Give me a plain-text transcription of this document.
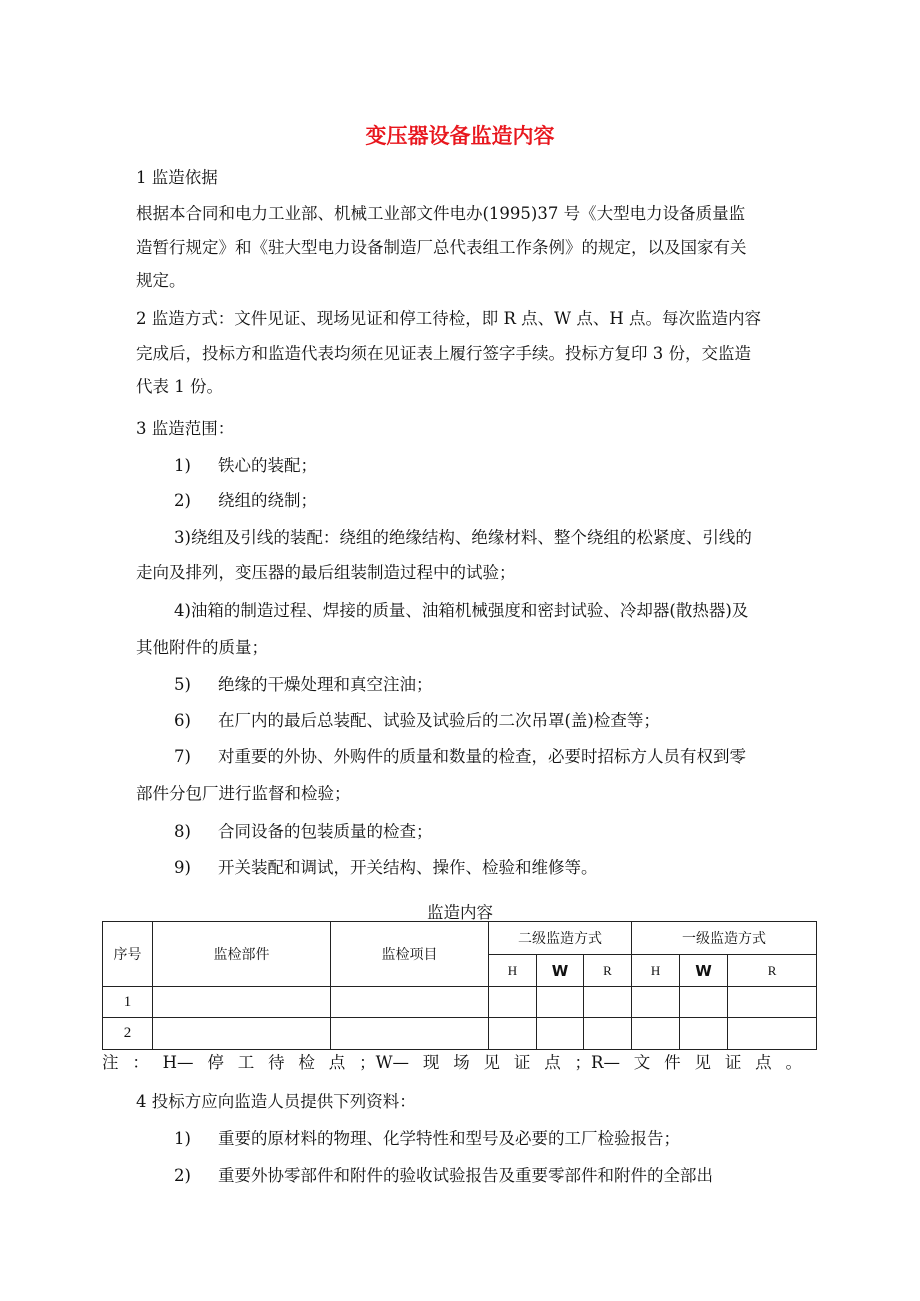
变压器设备监造内容
1 监造依据
根据本合同和电力工业部、机械工业部文件电办(1995)37 号《大型电力设备质量监
造暂行规定》和《驻大型电力设备制造厂总代表组工作条例》的规定，以及国家有关
规定。
2 监造方式：文件见证、现场见证和停工待检，即 R 点、W 点、H 点。每次监造内容
完成后，投标方和监造代表均须在见证表上履行签字手续。投标方复印 3 份，交监造
代表 1 份。
3 监造范围：
1) 铁心的装配；
2) 绕组的绕制；
3)绕组及引线的装配：绕组的绝缘结构、绝缘材料、整个绕组的松紧度、引线的
走向及排列，变压器的最后组装制造过程中的试验；
4)油箱的制造过程、焊接的质量、油箱机械强度和密封试验、冷却器(散热器)及
其他附件的质量；
5) 绝缘的干燥处理和真空注油；
6) 在厂内的最后总装配、试验及试验后的二次吊罩(盖)检查等；
7) 对重要的外协、外购件的质量和数量的检查，必要时招标方人员有权到零
部件分包厂进行监督和检验；
8) 合同设备的包装质量的检查；
9) 开关装配和调试，开关结构、操作、检验和维修等。
监造内容
序号	监检部件	监检项目	二级监造方式			一级监造方式		
			H	W	R	H	W	R
1								
2								
注：H—停工待检点；W—现场见证点；R—文件见证点。
4 投标方应向监造人员提供下列资料：
1) 重要的原材料的物理、化学特性和型号及必要的工厂检验报告；
2) 重要外协零部件和附件的验收试验报告及重要零部件和附件的全部出
